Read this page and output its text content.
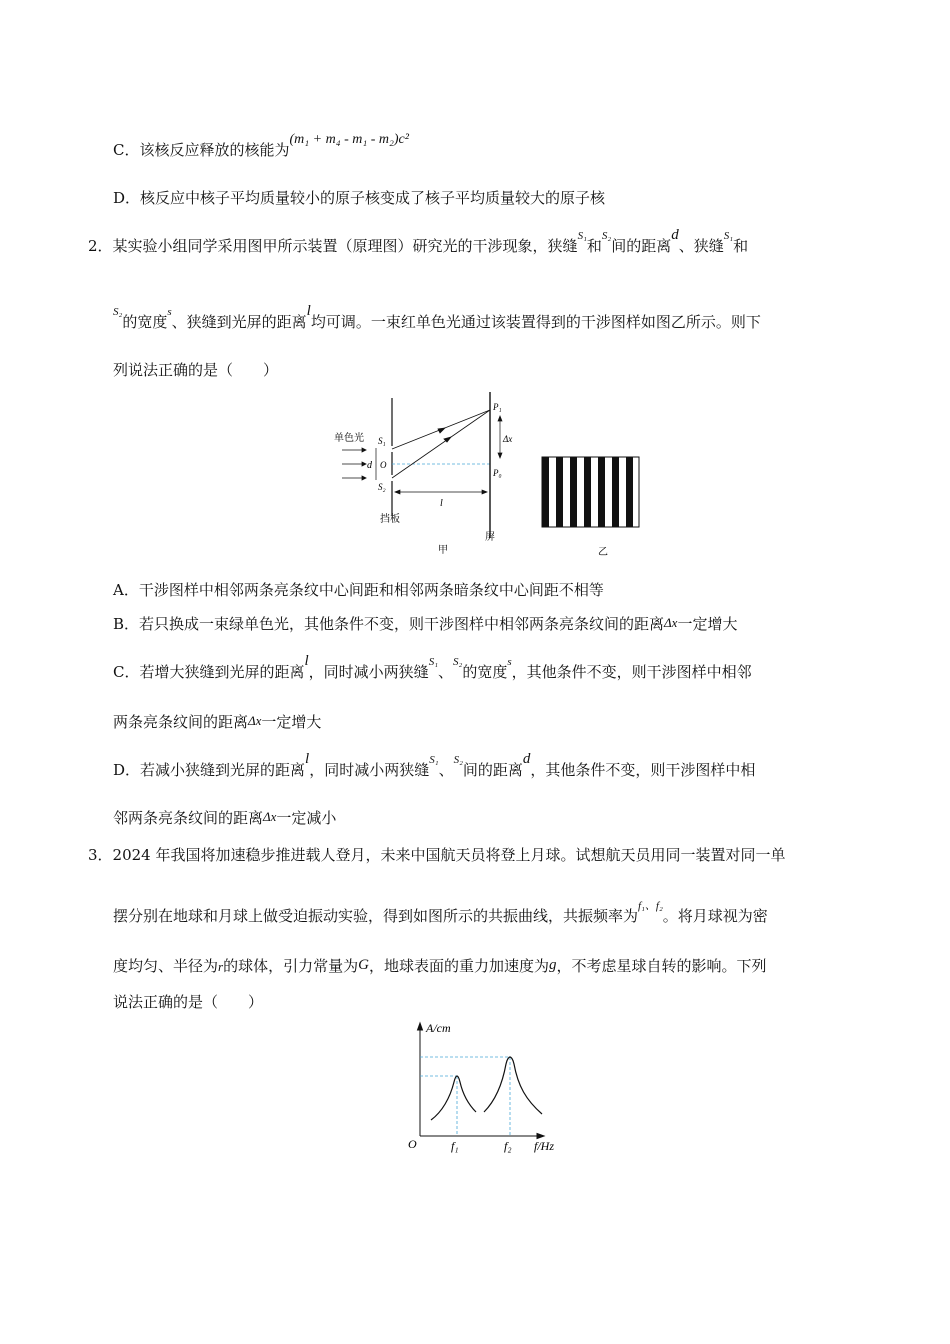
C．该核反应释放的核能为(m₁ + m₄ - m₁ - m₂)c²
D．核反应中核子平均质量较小的原子核变成了核子平均质量较大的原子核
2．某实验小组同学采用图甲所示装置（原理图）研究光的干涉现象，狭缝$^{S_1}$和$^{S_2}$间的距离d、狭缝$^{S_1}$和
$^{S_2}$的宽度$^s$、狭缝到光屏的距离l均可调。一束红单色光通过该装置得到的干涉图样如图乙所示。则下
列说法正确的是（　　）
单色光
d
S₁
O
S₂
挡板
P₁
P₀
Δx
l
屏
甲	乙
A．干涉图样中相邻两条亮条纹中心间距和相邻两条暗条纹中心间距不相等
B．若只换成一束绿单色光，其他条件不变，则干涉图样中相邻两条亮条纹间的距离Δx一定增大
C．若增大狭缝到光屏的距离l，同时减小两狭缝$^{S_1}$、$^{S_2}$的宽度$^s$，其他条件不变，则干涉图样中相邻
两条亮条纹间的距离Δx一定增大
D．若减小狭缝到光屏的距离l，同时减小两狭缝$^{S_1}$、$^{S_2}$间的距离d，其他条件不变，则干涉图样中相
邻两条亮条纹间的距离Δx一定减小
3．2024 年我国将加速稳步推进载人登月，未来中国航天员将登上月球。试想航天员用同一装置对同一单
摆分别在地球和月球上做受迫振动实验，得到如图所示的共振曲线，共振频率为$^{f_1、f_2}$。将月球视为密
度均匀、半径为r的球体，引力常量为G，地球表面的重力加速度为g，不考虑星球自转的影响。下列
说法正确的是（　　）
A/cm
O	f₁	f₂ f/Hz
